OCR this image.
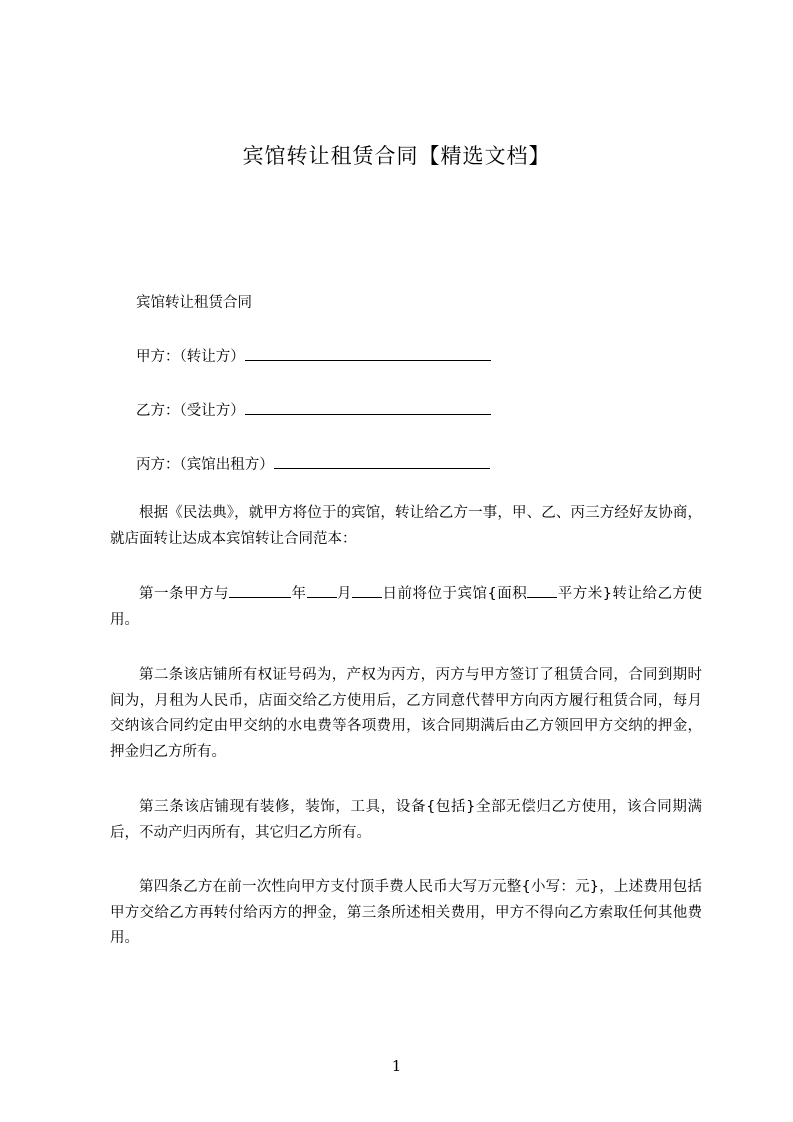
宾馆转让租赁合同【精选文档】
宾馆转让租赁合同
甲方：（转让方）
乙方：（受让方）
丙方：（宾馆出租方）
根据《民法典》，就甲方将位于的宾馆，转让给乙方一事，甲、乙、丙三方经好友协商，就店面转让达成本宾馆转让合同范本：
第一条甲方与	年 月 日前将位于宾馆{面积 平方米}转让给乙方使用。
第二条该店铺所有权证号码为，产权为丙方，丙方与甲方签订了租赁合同，合同到期时间为，月租为人民币，店面交给乙方使用后，乙方同意代替甲方向丙方履行租赁合同，每月交纳该合同约定由甲交纳的水电费等各项费用，该合同期满后由乙方领回甲方交纳的押金，押金归乙方所有。
第三条该店铺现有装修，装饰，工具，设备{包括}全部无偿归乙方使用，该合同期满后，不动产归丙所有，其它归乙方所有。
第四条乙方在前一次性向甲方支付顶手费人民币大写万元整{小写：元}，上述费用包括甲方交给乙方再转付给丙方的押金，第三条所述相关费用，甲方不得向乙方索取任何其他费用。
1
